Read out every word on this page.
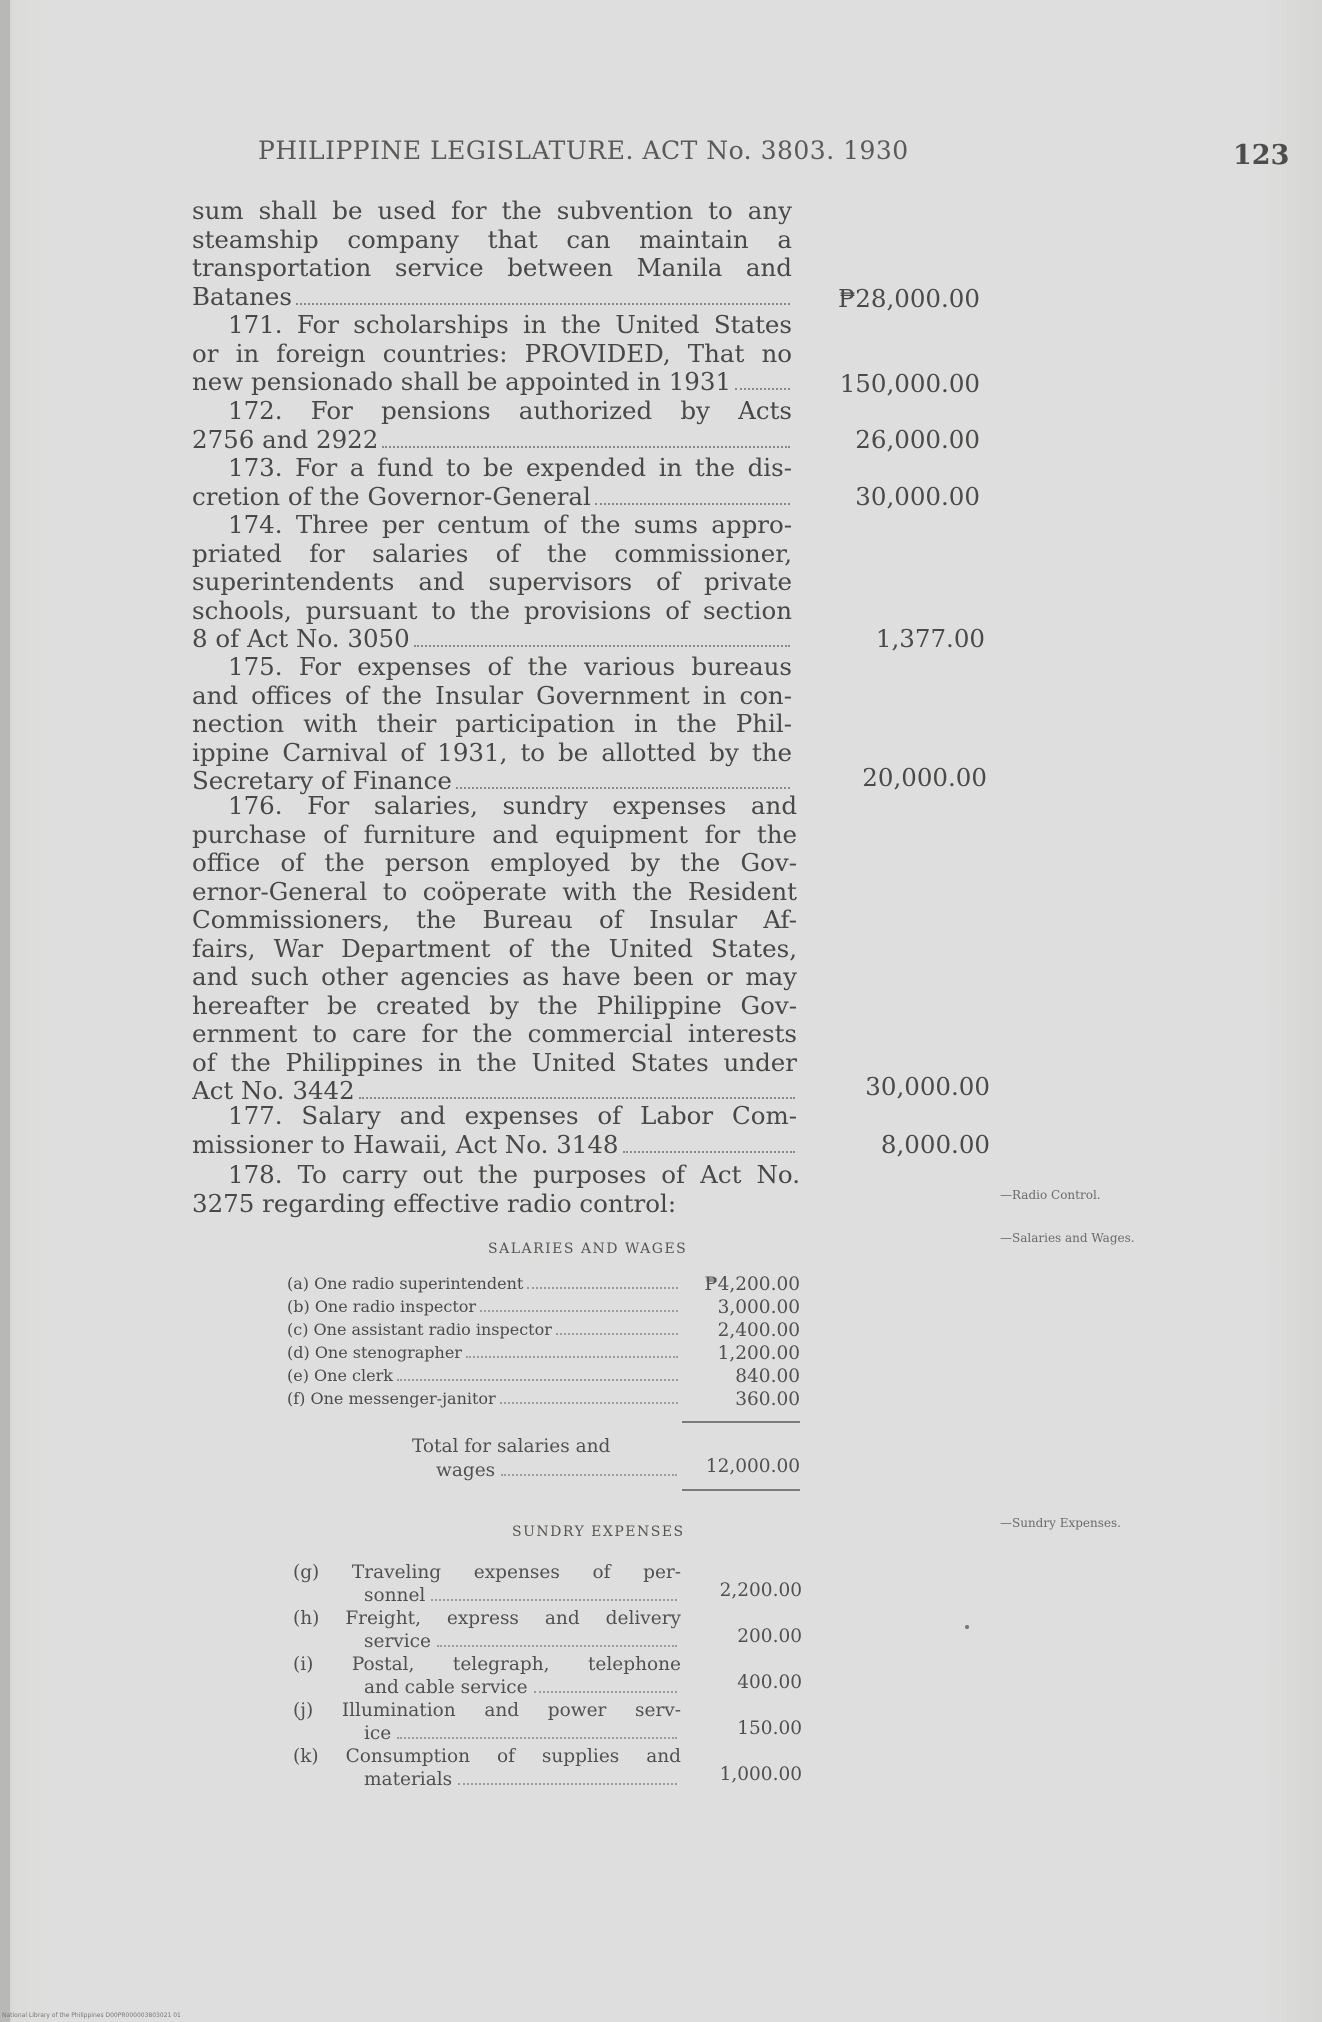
PHILIPPINE LEGISLATURE. ACT No. 3803. 1930	123
sum shall be used for the subvention to any
steamship company that can maintain a
transportation service between Manila and
Batanes	₱28,000.00
171. For scholarships in the United States
or in foreign countries: PROVIDED, That no
new pensionado shall be appointed in 1931	150,000.00
172. For pensions authorized by Acts
2756 and 2922	26,000.00
173. For a fund to be expended in the dis-
cretion of the Governor-General	30,000.00
174. Three per centum of the sums appro-
priated for salaries of the commissioner,
superintendents and supervisors of private
schools, pursuant to the provisions of section
8 of Act No. 3050	1,377.00
175. For expenses of the various bureaus
and offices of the Insular Government in con-
nection with their participation in the Phil-
ippine Carnival of 1931, to be allotted by the
Secretary of Finance	20,000.00
176. For salaries, sundry expenses and
purchase of furniture and equipment for the
office of the person employed by the Gov-
ernor-General to coöperate with the Resident
Commissioners, the Bureau of Insular Af-
fairs, War Department of the United States,
and such other agencies as have been or may
hereafter be created by the Philippine Gov-
ernment to care for the commercial interests
of the Philippines in the United States under
Act No. 3442	30,000.00
177. Salary and expenses of Labor Com-
missioner to Hawaii, Act No. 3148	8,000.00
178. To carry out the purposes of Act No.
3275 regarding effective radio control:	—Radio Control.
—Salaries and Wages.
—Sundry Expenses.
SALARIES AND WAGES
(a) One radio superintendent	₱4,200.00
(b) One radio inspector	3,000.00
(c) One assistant radio inspector	2,400.00
(d) One stenographer	1,200.00
(e) One clerk	840.00
(f) One messenger-janitor	360.00
Total for salaries and
wages	12,000.00
SUNDRY EXPENSES
(g) Traveling expenses of per-
sonnel	2,200.00
(h) Freight, express and delivery
service	200.00
(i) Postal, telegraph, telephone
and cable service	400.00
(j) Illumination and power serv-
ice	150.00
(k) Consumption of supplies and
materials	1,000.00
National Library of the Philippines D00PR000003803021 01
